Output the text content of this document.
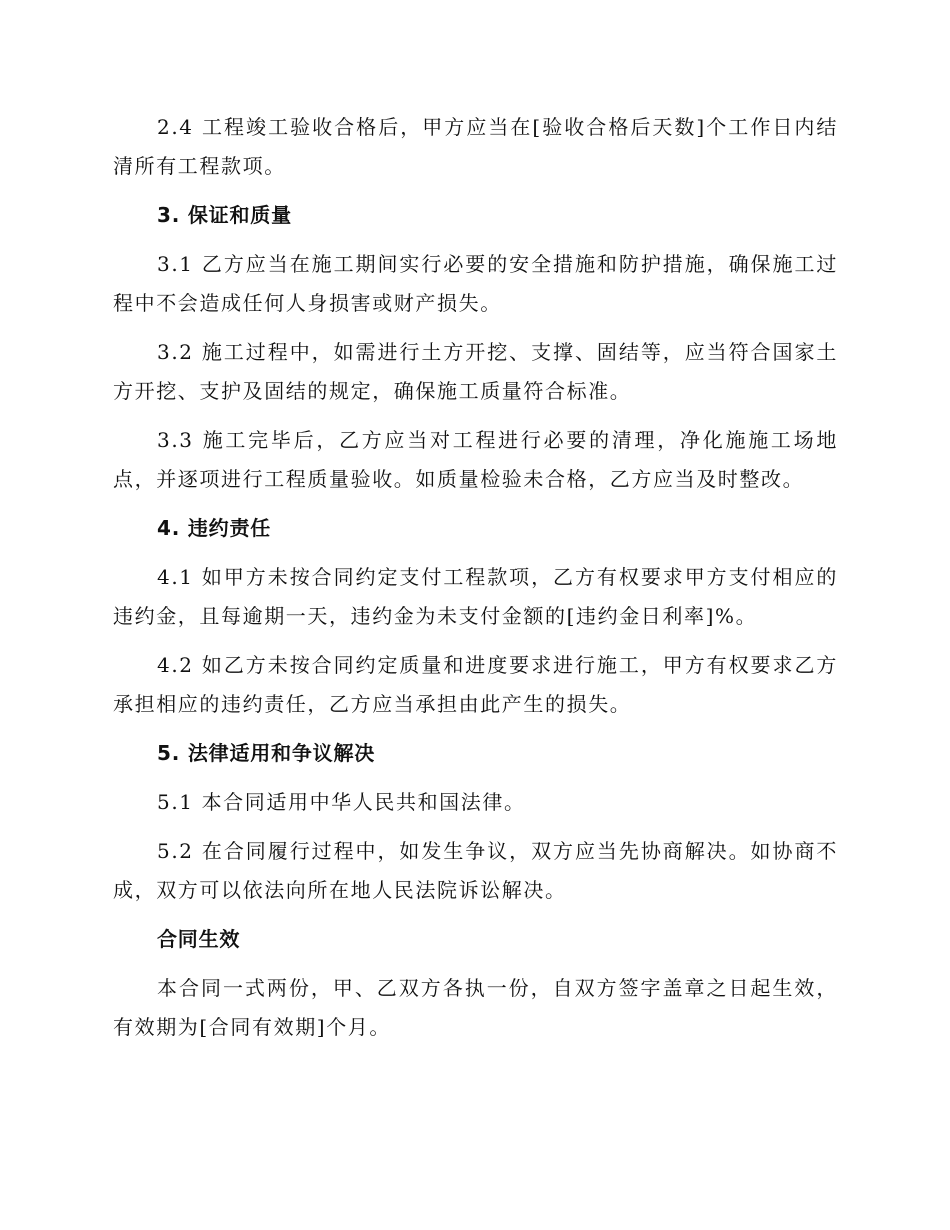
2.4 工程竣工验收合格后，甲方应当在[验收合格后天数]个工作日内结清所有工程款项。

3. 保证和质量

3.1 乙方应当在施工期间实行必要的安全措施和防护措施，确保施工过程中不会造成任何人身损害或财产损失。

3.2 施工过程中，如需进行土方开挖、支撑、固结等，应当符合国家土方开挖、支护及固结的规定，确保施工质量符合标准。

3.3 施工完毕后，乙方应当对工程进行必要的清理，净化施施工场地点，并逐项进行工程质量验收。如质量检验未合格，乙方应当及时整改。

4. 违约责任

4.1 如甲方未按合同约定支付工程款项，乙方有权要求甲方支付相应的违约金，且每逾期一天，违约金为未支付金额的[违约金日利率]%。

4.2 如乙方未按合同约定质量和进度要求进行施工，甲方有权要求乙方承担相应的违约责任，乙方应当承担由此产生的损失。

5. 法律适用和争议解决

5.1 本合同适用中华人民共和国法律。

5.2 在合同履行过程中，如发生争议，双方应当先协商解决。如协商不成，双方可以依法向所在地人民法院诉讼解决。

合同生效

本合同一式两份，甲、乙双方各执一份，自双方签字盖章之日起生效，有效期为[合同有效期]个月。
